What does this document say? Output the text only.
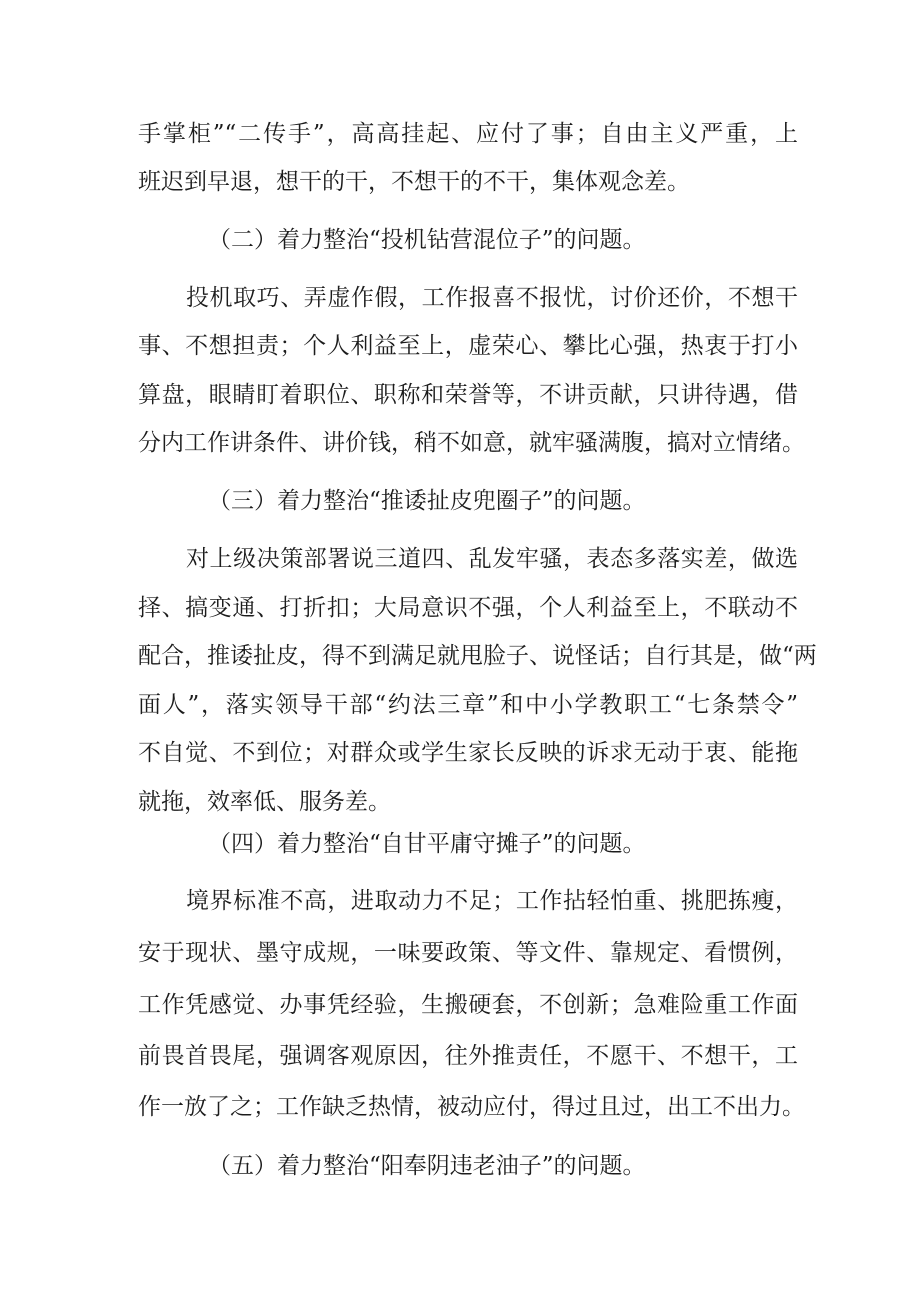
手掌柜”“二传手”，高高挂起、应付了事；自由主义严重，上

班迟到早退，想干的干，不想干的不干，集体观念差。

（二）着力整治“投机钻营混位子”的问题。

投机取巧、弄虚作假，工作报喜不报忧，讨价还价，不想干

事、不想担责；个人利益至上，虚荣心、攀比心强，热衷于打小

算盘，眼睛盯着职位、职称和荣誉等，不讲贡献，只讲待遇，借

分内工作讲条件、讲价钱，稍不如意，就牢骚满腹，搞对立情绪。

（三）着力整治“推诿扯皮兜圈子”的问题。

对上级决策部署说三道四、乱发牢骚，表态多落实差，做选

择、搞变通、打折扣；大局意识不强，个人利益至上，不联动不

配合，推诿扯皮，得不到满足就甩脸子、说怪话；自行其是，做“两

面人”，落实领导干部“约法三章”和中小学教职工“七条禁令”

不自觉、不到位；对群众或学生家长反映的诉求无动于衷、能拖

就拖，效率低、服务差。

（四）着力整治“自甘平庸守摊子”的问题。

境界标准不高，进取动力不足；工作拈轻怕重、挑肥拣瘦，

安于现状、墨守成规，一味要政策、等文件、靠规定、看惯例，

工作凭感觉、办事凭经验，生搬硬套，不创新；急难险重工作面

前畏首畏尾，强调客观原因，往外推责任，不愿干、不想干，工

作一放了之；工作缺乏热情，被动应付，得过且过，出工不出力。

（五）着力整治“阳奉阴违老油子”的问题。
